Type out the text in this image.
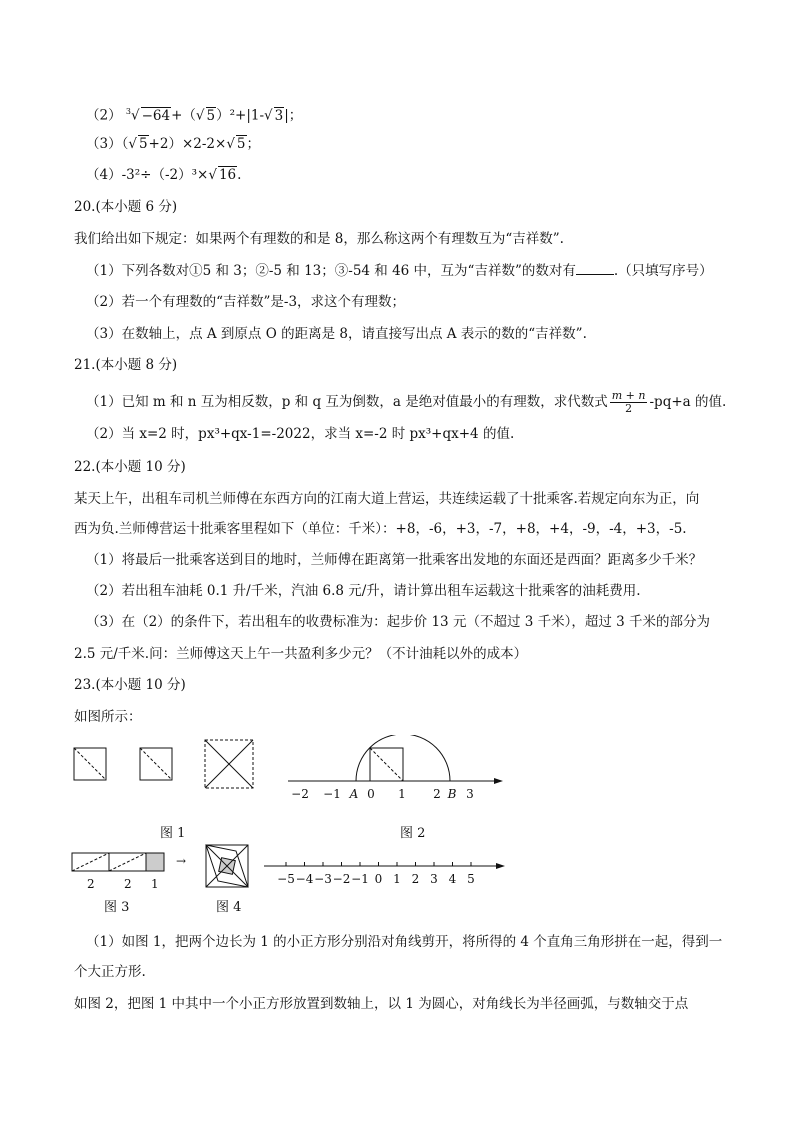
（2） $^3$√ −64+（√ 5）²+|1-√ 3|；
（3）（√ 5+2）×2-2×√ 5；
（4）-3²÷（-2）³×√ 16.
20.(本小题 6 分)
我们给出如下规定：如果两个有理数的和是 8，那么称这两个有理数互为“吉祥数”.
（1）下列各数对①5 和 3；②-5 和 13；③-54 和 46 中，互为“吉祥数”的数对有	.（只填写序号）
（2）若一个有理数的“吉祥数”是-3，求这个有理数；
（3）在数轴上，点 A 到原点 O 的距离是 8，请直接写出点 A 表示的数的“吉祥数”.
21.(本小题 8 分)
（1）已知 m 和 n 互为相反数，p 和 q 互为倒数，a 是绝对值最小的有理数，求代数式 $\frac{m + n}{2} -pq+a$ 的值.
（2）当 x=2 时，px³+qx-1=-2022，求当 x=-2 时 px³+qx+4 的值.
22.(本小题 10 分)
某天上午，出租车司机兰师傅在东西方向的江南大道上营运，共连续运载了十批乘客.若规定向东为正，向
西为负.兰师傅营运十批乘客里程如下（单位：千米）：+8，-6，+3，-7，+8，+4，-9，-4，+3，-5.
（1）将最后一批乘客送到目的地时，兰师傅在距离第一批乘客出发地的东面还是西面？距离多少千米？
（2）若出租车油耗 0.1 升/千米，汽油 6.8 元/升，请计算出租车运载这十批乘客的油耗费用.
（3）在（2）的条件下，若出租车的收费标准为：起步价 13 元（不超过 3 千米），超过 3 千米的部分为
2.5 元/千米.问：兰师傅这天上午一共盈利多少元？（不计油耗以外的成本）
23.(本小题 10 分)
如图所示：
−2 −1 A 0 1 2 B 3
2 2 1
→
−5 −4 −3 −2 −1 0 1 2 3 4 5
图 1	图 2
图 3	图 4
（1）如图 1，把两个边长为 1 的小正方形分别沿对角线剪开，将所得的 4 个直角三角形拼在一起，得到一
个大正方形.
如图 2，把图 1 中其中一个小正方形放置到数轴上，以 1 为圆心，对角线长为半径画弧，与数轴交于点
